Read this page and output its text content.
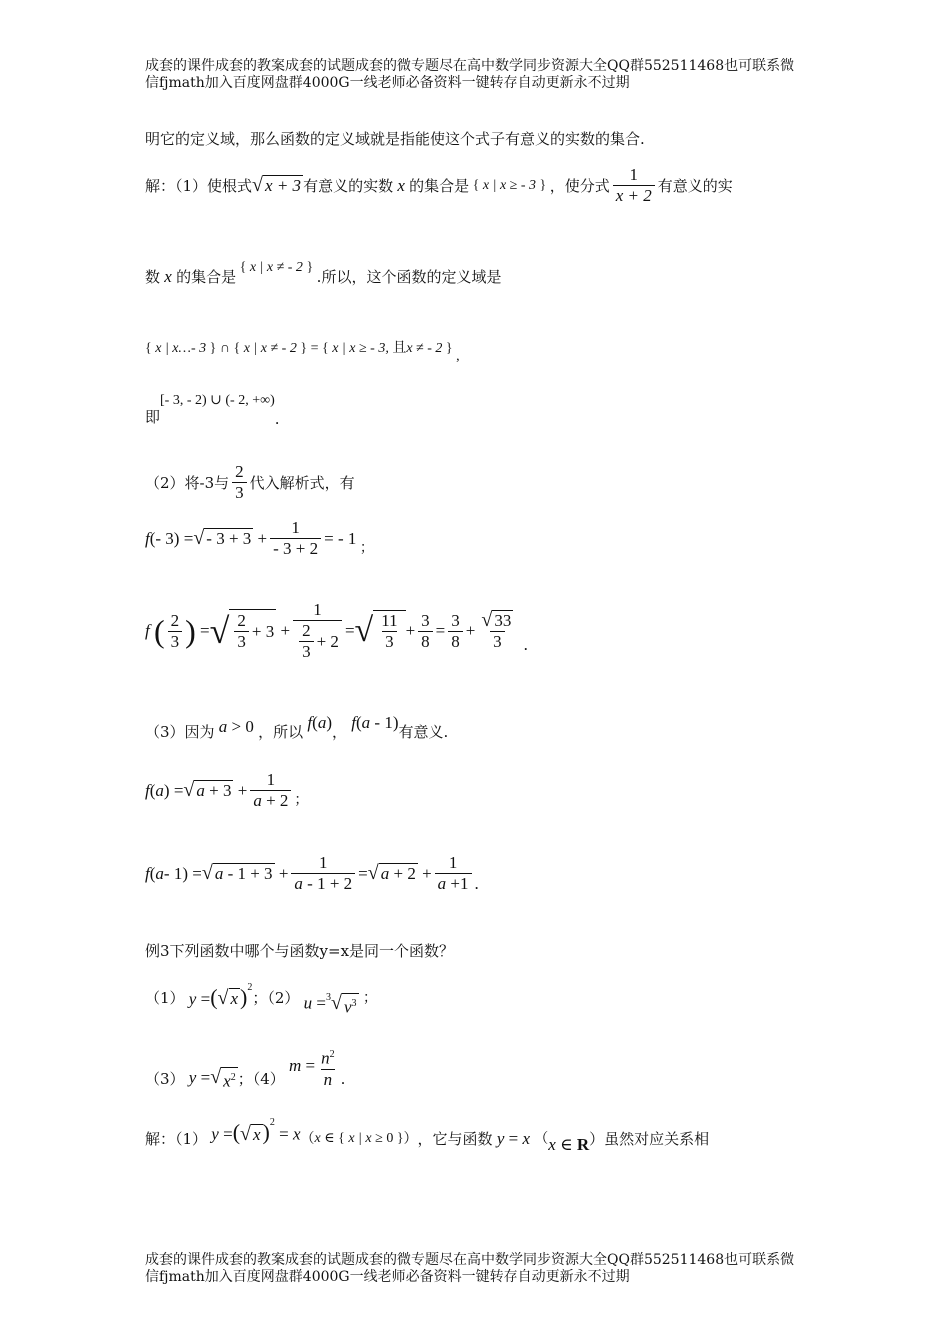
成套的课件成套的教案成套的试题成套的微专题尽在高中数学同步资源大全QQ群552511468也可联系微
信fjmath加入百度网盘群4000G一线老师必备资料一键转存自动更新永不过期
明它的定义域，那么函数的定义域就是指能使这个式子有意义的实数的集合.
解：（1）使根式 √ x + 3 有意义的实数 x 的集合是 { x | x ≥ - 3 } ，使分式 $\frac{1}{x + 2}$ 有意义的实
数 x 的集合是
{ x | x ≠ - 2 }
.所以，这个函数的定义域是
{
x | x…- 3
}
∩
{ x | x ≠ - 2 }
=
{ x | x ≥ - 3, 且 x ≠ - 2 }
,
即
[- 3, - 2) ∪ (- 2, +∞)
.
（2）将-3与 $\frac{2}{3}$ 代入解析式，有
f (- 3) = √ - $3 + 3 + \frac{1}{- 3 + 2}$ = - 1
；
f ( $\frac{2}{3}$ ) = √ $\frac{2}{3} + 3 + \frac{1}{\frac{2}{3} + 2}$ = √ $\frac{11}{3} + \frac{3}{8} = \frac{3}{8} + \frac{√ 33}{3}$ .
（3）因为 a > 0 ，所以 f(a) ， f(a - 1) 有意义.
f ( a ) = √ $a + 3 + \frac{1}{a + 2}$ ；
f ( a - 1) = √ $a - 1 + 3 + \frac{1}{a - 1 + 2}$ = √ $a + 2 + \frac{1}{a +1}$ .
例3下列函数中哪个与函数y=x是同一个函数？
（1） y =( √ x )$^2$
；（2） u =$^3$ √ $v^3$ ；
（3） y = √ $x^2$ ；（4）
$m = \frac{n^2}{n}$ .
解：（1） y =( √ x )$^2$ = x （ x ∈ { x | x ≥ 0 } ） ，它与函数 y = x （ x ∈ R ）虽然对应关系相
成套的课件成套的教案成套的试题成套的微专题尽在高中数学同步资源大全QQ群552511468也可联系微
信fjmath加入百度网盘群4000G一线老师必备资料一键转存自动更新永不过期
